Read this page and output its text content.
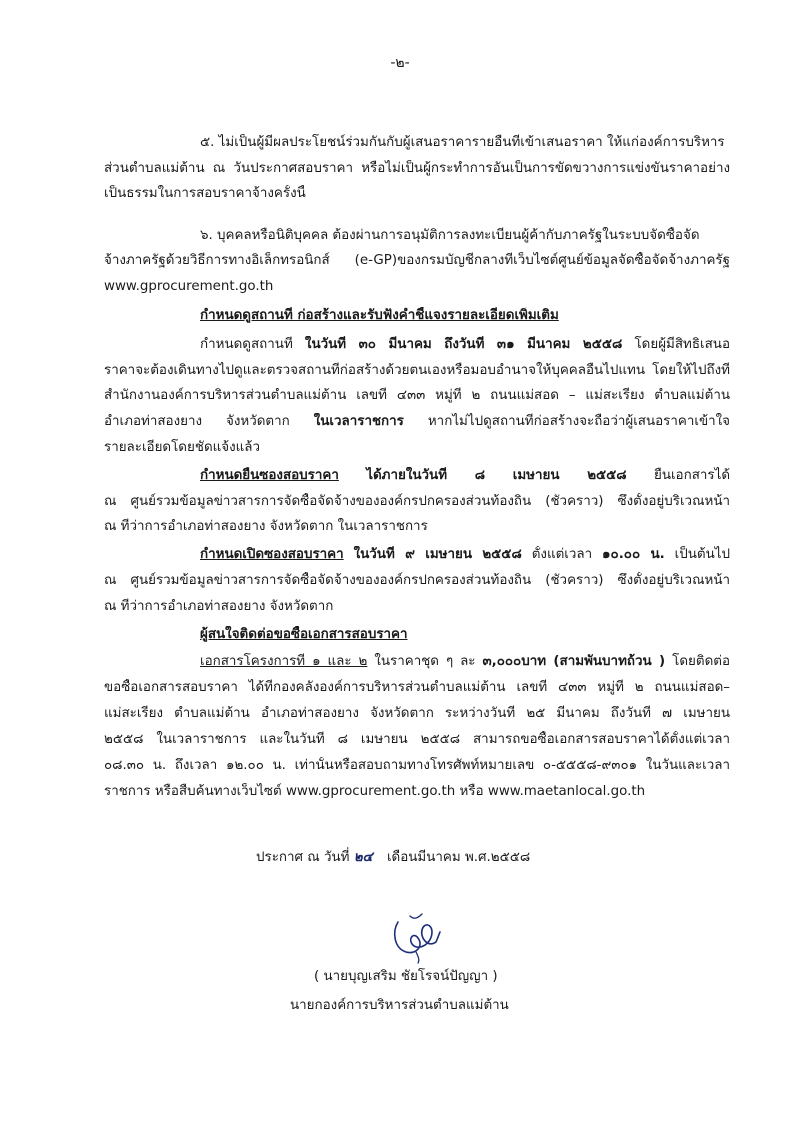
-๒-
๕. ไม่เป็นผู้มีผลประโยชน์ร่วมกันกับผู้เสนอราคารายอื่นที่เข้าเสนอราคา ให้แก่องค์การบริหาร
ส่วนตำบลแม่ต้าน ณ วันประกาศสอบราคา หรือไม่เป็นผู้กระทำการอันเป็นการขัดขวางการแข่งขันราคาอย่าง
เป็นธรรมในการสอบราคาจ้างครั้งนี้
๖. บุคคลหรือนิติบุคคล ต้องผ่านการอนุมัติการลงทะเบียนผู้ค้ากับภาครัฐในระบบจัดซื้อจัด
จ้างภาครัฐด้วยวิธีการทางอิเล็กทรอนิกส์ (e-GP)ของกรมบัญชีกลางที่เว็บไซต์ศูนย์ข้อมูลจัดซื้อจัดจ้างภาครัฐ
www.gprocurement.go.th
กำหนดดูสถานที่ ก่อสร้างและรับฟังคำชี้แจงรายละเอียดเพิ่มเติม
กำหนดดูสถานที่ ในวันที่ ๓๐ มีนาคม ถึงวันที่ ๓๑ มีนาคม ๒๕๕๘ โดยผู้มีสิทธิเสนอ
ราคาจะต้องเดินทางไปดูและตรวจสถานที่ก่อสร้างด้วยตนเองหรือมอบอำนาจให้บุคคลอื่นไปแทน โดยให้ไปถึงที่
สำนักงานองค์การบริหารส่วนตำบลแม่ต้าน เลขที่ ๔๓๓ หมู่ที่ ๒ ถนนแม่สอด – แม่สะเรียง ตำบลแม่ต้าน
อำเภอท่าสองยาง จังหวัดตาก ในเวลาราชการ หากไม่ไปดูสถานที่ก่อสร้างจะถือว่าผู้เสนอราคาเข้าใจ
รายละเอียดโดยชัดแจ้งแล้ว
กำหนดยื่นซองสอบราคา ได้ภายในวันที่ ๘ เมษายน ๒๕๕๘ ยื่นเอกสารได้
ณ ศูนย์รวมข้อมูลข่าวสารการจัดซื้อจัดจ้างขององค์กรปกครองส่วนท้องถิ่น (ชั่วคราว) ซึ่งตั้งอยู่บริเวณหน้า
ณ ที่ว่าการอำเภอท่าสองยาง จังหวัดตาก ในเวลาราชการ
กำหนดเปิดซองสอบราคา ในวันที่ ๙ เมษายน ๒๕๕๘ ตั้งแต่เวลา ๑๐.๐๐ น. เป็นต้นไป
ณ ศูนย์รวมข้อมูลข่าวสารการจัดซื้อจัดจ้างขององค์กรปกครองส่วนท้องถิ่น (ชั่วคราว) ซึ่งตั้งอยู่บริเวณหน้า
ณ ที่ว่าการอำเภอท่าสองยาง จังหวัดตาก
ผู้สนใจติดต่อขอซื้อเอกสารสอบราคา
เอกสารโครงการที่ ๑ และ ๒ ในราคาชุด ๆ ละ ๓,๐๐๐บาท (สามพันบาทถ้วน ) โดยติดต่อ
ขอซื้อเอกสารสอบราคา ได้ที่กองคลังองค์การบริหารส่วนตำบลแม่ต้าน เลขที่ ๔๓๓ หมู่ที่ ๒ ถนนแม่สอด–
แม่สะเรียง ตำบลแม่ต้าน อำเภอท่าสองยาง จังหวัดตาก ระหว่างวันที่ ๒๕ มีนาคม ถึงวันที่ ๗ เมษายน
๒๕๕๘ ในเวลาราชการ และในวันที่ ๘ เมษายน ๒๕๕๘ สามารถขอซื้อเอกสารสอบราคาได้ตั้งแต่เวลา
๐๘.๓๐ น. ถึงเวลา ๑๒.๐๐ น. เท่านั้นหรือสอบถามทางโทรศัพท์หมายเลข ๐-๕๕๕๘-๙๓๐๑ ในวันและเวลา
ราชการ หรือสืบค้นทางเว็บไซต์ www.gprocurement.go.th หรือ www.maetanlocal.go.th
ประกาศ ณ วันที่ ๒๔ เดือนมีนาคม พ.ศ.๒๕๕๘
( นายบุญเสริม ชัยโรจน์ปัญญา )
นายกองค์การบริหารส่วนตำบลแม่ต้าน
